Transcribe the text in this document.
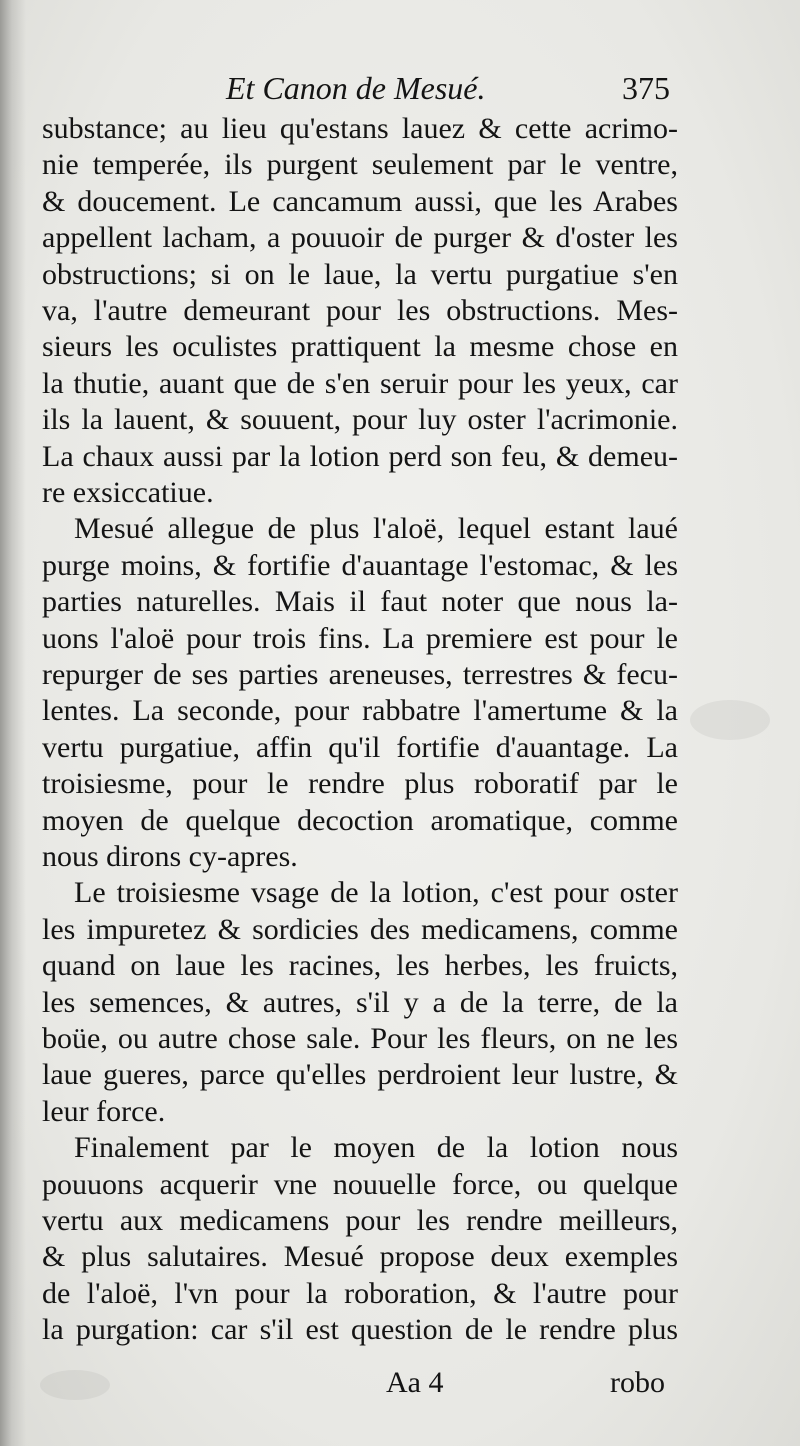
Et Canon de Mesué.	375
substance; au lieu qu'estans lauez & cette acrimo-
nie temperée, ils purgent seulement par le ventre,
& doucement. Le cancamum aussi, que les Arabes
appellent lacham, a pouuoir de purger & d'oster les
obstructions; si on le laue, la vertu purgatiue s'en
va, l'autre demeurant pour les obstructions. Mes-
sieurs les oculistes prattiquent la mesme chose en
la thutie, auant que de s'en seruir pour les yeux, car
ils la lauent, & souuent, pour luy oster l'acrimonie.
La chaux aussi par la lotion perd son feu, & demeu-
re exsiccatiue.
Mesué allegue de plus l'aloë, lequel estant laué
purge moins, & fortifie d'auantage l'estomac, & les
parties naturelles. Mais il faut noter que nous la-
uons l'aloë pour trois fins. La premiere est pour le
repurger de ses parties areneuses, terrestres & fecu-
lentes. La seconde, pour rabbatre l'amertume & la
vertu purgatiue, affin qu'il fortifie d'auantage. La
troisiesme, pour le rendre plus roboratif par le
moyen de quelque decoction aromatique, comme
nous dirons cy-apres.
Le troisiesme vsage de la lotion, c'est pour oster
les impuretez & sordicies des medicamens, comme
quand on laue les racines, les herbes, les fruicts,
les semences, & autres, s'il y a de la terre, de la
boüe, ou autre chose sale. Pour les fleurs, on ne les
laue gueres, parce qu'elles perdroient leur lustre, &
leur force.
Finalement par le moyen de la lotion nous
pouuons acquerir vne nouuelle force, ou quelque
vertu aux medicamens pour les rendre meilleurs,
& plus salutaires. Mesué propose deux exemples
de l'aloë, l'vn pour la roboration, & l'autre pour
la purgation: car s'il est question de le rendre plus
Aa 4	robo
